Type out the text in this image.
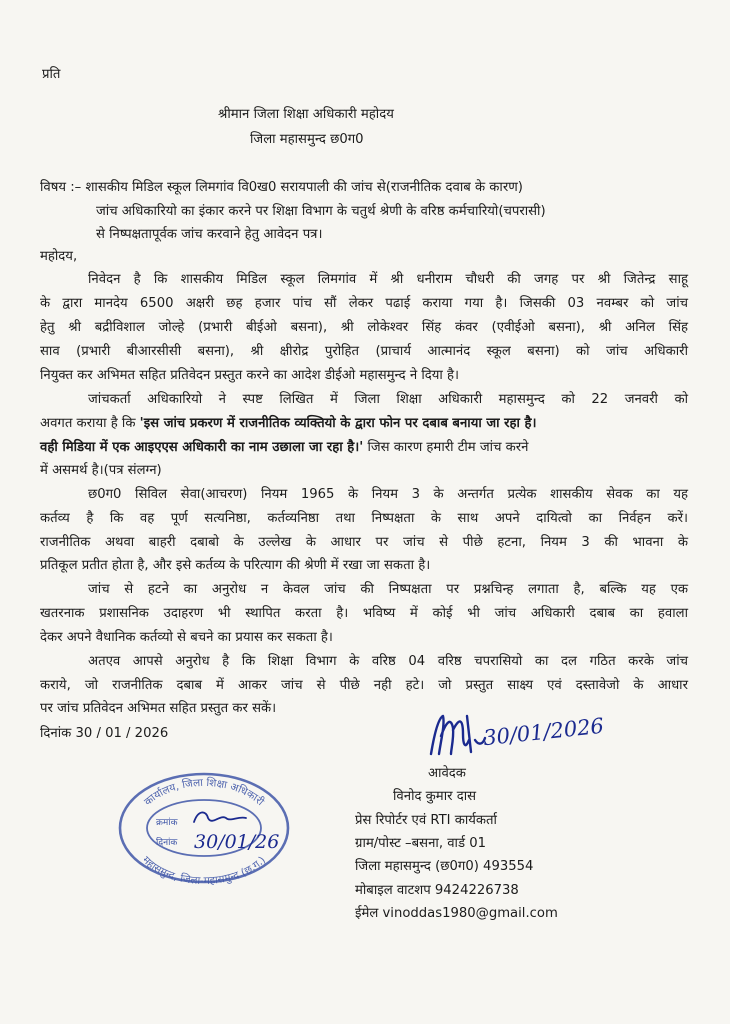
प्रति
श्रीमान जिला शिक्षा अधिकारी महोदय
जिला महासमुन्द छ0ग0
विषय :– शासकीय मिडिल स्कूल लिमगांव वि0ख0 सरायपाली की जांच से(राजनीतिक दवाब के कारण)
जांच अधिकारियो का इंकार करने पर शिक्षा विभाग के चतुर्थ श्रेणी के वरिष्ठ कर्मचारियो(चपरासी)
से निष्पक्षतापूर्वक जांच करवाने हेतु आवेदन पत्र।
महोदय,
निवेदन है कि शासकीय मिडिल स्कूल लिमगांव में श्री धनीराम चौधरी की जगह पर श्री जितेन्द्र साहू
के द्वारा मानदेय 6500 अक्षरी छह हजार पांच सौं लेकर पढाई कराया गया है। जिसकी 03 नवम्बर को जांच
हेतु श्री बद्रीविशाल जोल्हे (प्रभारी बीईओ बसना), श्री लोकेश्वर सिंह कंवर (एवीईओ बसना), श्री अनिल सिंह
साव (प्रभारी बीआरसीसी बसना), श्री क्षीरोद्र पुरोहित (प्राचार्य आत्मानंद स्कूल बसना) को जांच अधिकारी
नियुक्त कर अभिमत सहित प्रतिवेदन प्रस्तुत करने का आदेश डीईओ महासमुन्द ने दिया है।
जांचकर्ता अधिकारियो ने स्पष्ट लिखित में जिला शिक्षा अधिकारी महासमुन्द को 22 जनवरी को
अवगत कराया है कि 'इस जांच प्रकरण में राजनीतिक व्यक्तियो के द्वारा फोन पर दबाब बनाया जा रहा है।
वही मिडिया में एक आइएएस अधिकारी का नाम उछाला जा रहा है।' जिस कारण हमारी टीम जांच करने
में असमर्थ है।(पत्र संलग्न)
छ0ग0 सिविल सेवा(आचरण) नियम 1965 के नियम 3 के अन्तर्गत प्रत्येक शासकीय सेवक का यह
कर्तव्य है कि वह पूर्ण सत्यनिष्ठा, कर्तव्यनिष्ठा तथा निष्पक्षता के साथ अपने दायित्वो का निर्वहन करें।
राजनीतिक अथवा बाहरी दबाबो के उल्लेख के आधार पर जांच से पीछे हटना, नियम 3 की भावना के
प्रतिकूल प्रतीत होता है, और इसे कर्तव्य के परित्याग की श्रेणी में रखा जा सकता है।
जांच से हटने का अनुरोध न केवल जांच की निष्पक्षता पर प्रश्नचिन्ह लगाता है, बल्कि यह एक
खतरनाक प्रशासनिक उदाहरण भी स्थापित करता है। भविष्य में कोई भी जांच अधिकारी दबाब का हवाला
देकर अपने वैधानिक कर्तव्यो से बचने का प्रयास कर सकता है।
अतएव आपसे अनुरोध है कि शिक्षा विभाग के वरिष्ठ 04 वरिष्ठ चपरासियो का दल गठित करके जांच
कराये, जो राजनीतिक दबाब में आकर जांच से पीछे नही हटे। जो प्रस्तुत साक्ष्य एवं दस्तावेजो के आधार
पर जांच प्रतिवेदन अभिमत सहित प्रस्तुत कर सकें।
दिनांक 30 / 01 / 2026	30/01/2026
आवेदक
विनोद कुमार दास
प्रेस रिपोर्टर एवं RTI कार्यकर्ता
ग्राम/पोस्ट –बसना, वार्ड 01
जिला महासमुन्द (छ0ग0) 493554
मोबाइल वाटशप 9424226738
ईमेल vinoddas1980@gmail.com
कार्यालय, जिला शिक्षा अधिकारी
महासमुन्द, जिला-महासमुन्द (छ.ग.)
क्रमांक
दिनांक 30/01/26
